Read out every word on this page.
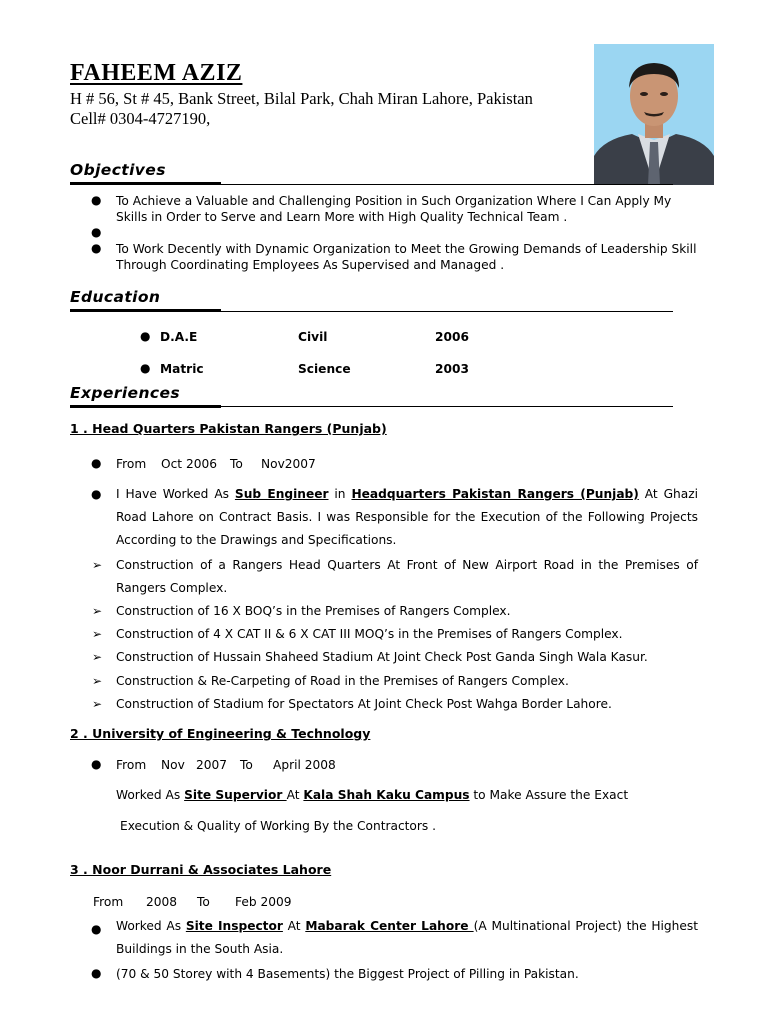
FAHEEM AZIZ
H # 56, St # 45, Bank Street, Bilal Park, Chah Miran Lahore, Pakistan
Cell# 0304-4727190,
Objectives
● To Achieve a Valuable and Challenging Position in Such Organization Where I Can Apply My Skills in Order to Serve and Learn More with High Quality Technical Team .
●
● To Work Decently with Dynamic Organization to Meet the Growing Demands of Leadership Skill Through Coordinating Employees As Supervised and Managed .
Education
● D.A.E	Civil	2006
● Matric	Science	2003
Experiences
1 . Head Quarters Pakistan Rangers (Punjab)
● From Oct 2006 To Nov2007
● I Have Worked As Sub Engineer in Headquarters Pakistan Rangers (Punjab) At Ghazi Road Lahore on Contract Basis. I was Responsible for the Execution of the Following Projects According to the Drawings and Specifications.
➢ Construction of a Rangers Head Quarters At Front of New Airport Road in the Premises of Rangers Complex.
➢ Construction of 16 X BOQ’s in the Premises of Rangers Complex.
➢ Construction of 4 X CAT II & 6 X CAT III MOQ’s in the Premises of Rangers Complex.
➢ Construction of Hussain Shaheed Stadium At Joint Check Post Ganda Singh Wala Kasur.
➢ Construction & Re-Carpeting of Road in the Premises of Rangers Complex.
➢ Construction of Stadium for Spectators At Joint Check Post Wahga Border Lahore.
2 . University of Engineering & Technology
● From Nov 2007 To April 2008
Worked As Site Supervior At Kala Shah Kaku Campus to Make Assure the Exact
Execution & Quality of Working By the Contractors .
3 . Noor Durrani & Associates Lahore
From 2008 To Feb 2009
● Worked As Site Inspector At Mabarak Center Lahore (A Multinational Project) the Highest Buildings in the South Asia.
● (70 & 50 Storey with 4 Basements) the Biggest Project of Pilling in Pakistan.
